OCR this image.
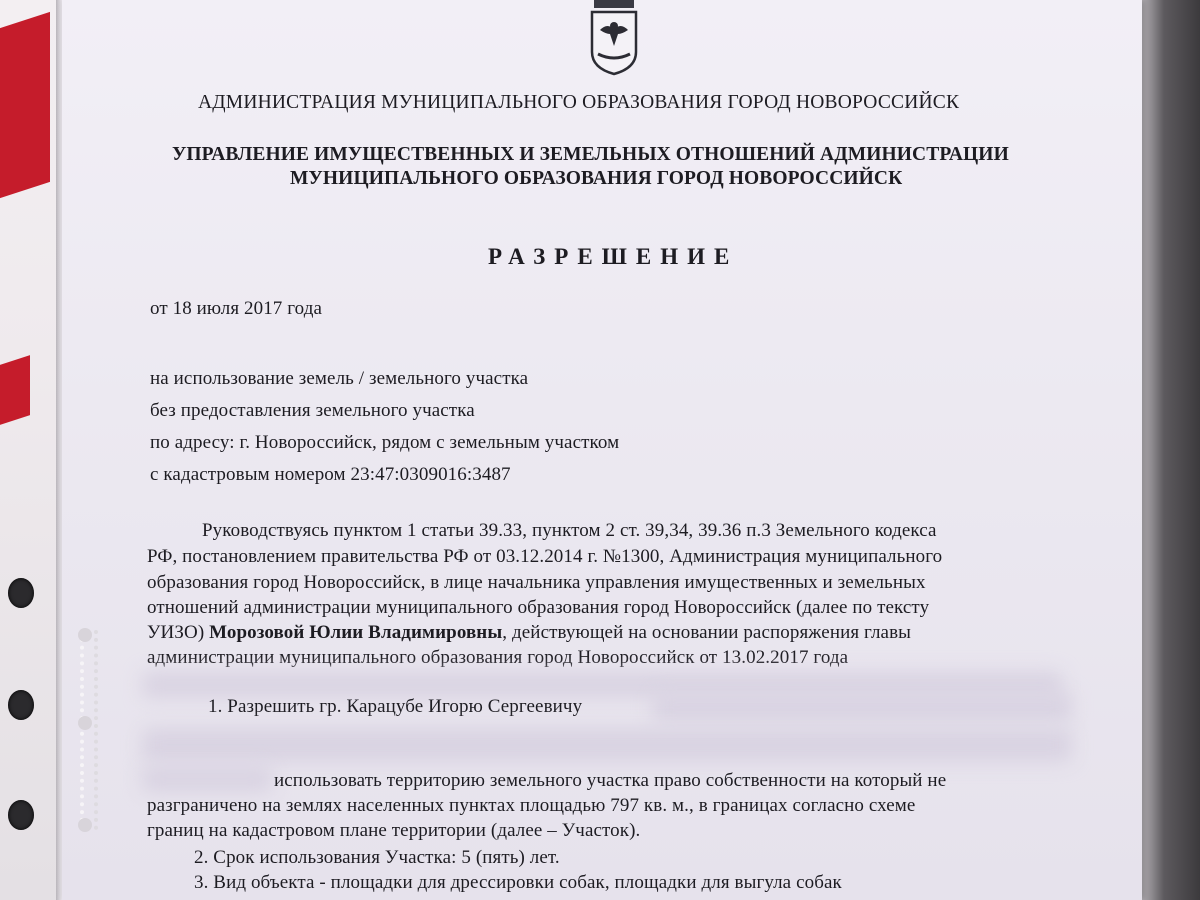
АДМИНИСТРАЦИЯ МУНИЦИПАЛЬНОГО ОБРАЗОВАНИЯ ГОРОД НОВОРОССИЙСК
УПРАВЛЕНИЕ ИМУЩЕСТВЕННЫХ И ЗЕМЕЛЬНЫХ ОТНОШЕНИЙ АДМИНИСТРАЦИИ
МУНИЦИПАЛЬНОГО ОБРАЗОВАНИЯ ГОРОД НОВОРОССИЙСК
РАЗРЕШЕНИЕ
от 18 июля 2017 года
на использование земель / земельного участка
без предоставления земельного участка
по адресу: г. Новороссийск, рядом с земельным участком
с кадастровым номером 23:47:0309016:3487
Руководствуясь пунктом 1 статьи 39.33, пунктом 2 ст. 39,34, 39.36 п.3 Земельного кодекса
РФ, постановлением правительства РФ от 03.12.2014 г. №1300, Администрация муниципального
образования город Новороссийск, в лице начальника управления имущественных и земельных
отношений администрации муниципального образования город Новороссийск (далее по тексту
УИЗО) Морозовой Юлии Владимировны, действующей на основании распоряжения главы
администрации муниципального образования город Новороссийск от 13.02.2017 года
1. Разрешить гр. Карацубе Игорю Сергеевичу
использовать территорию земельного участка право собственности на который не
разграничено на землях населенных пунктах площадью 797 кв. м., в границах согласно схеме
границ на кадастровом плане территории (далее – Участок).
2. Срок использования Участка: 5 (пять) лет.
3. Вид объекта - площадки для дрессировки собак, площадки для выгула собак
